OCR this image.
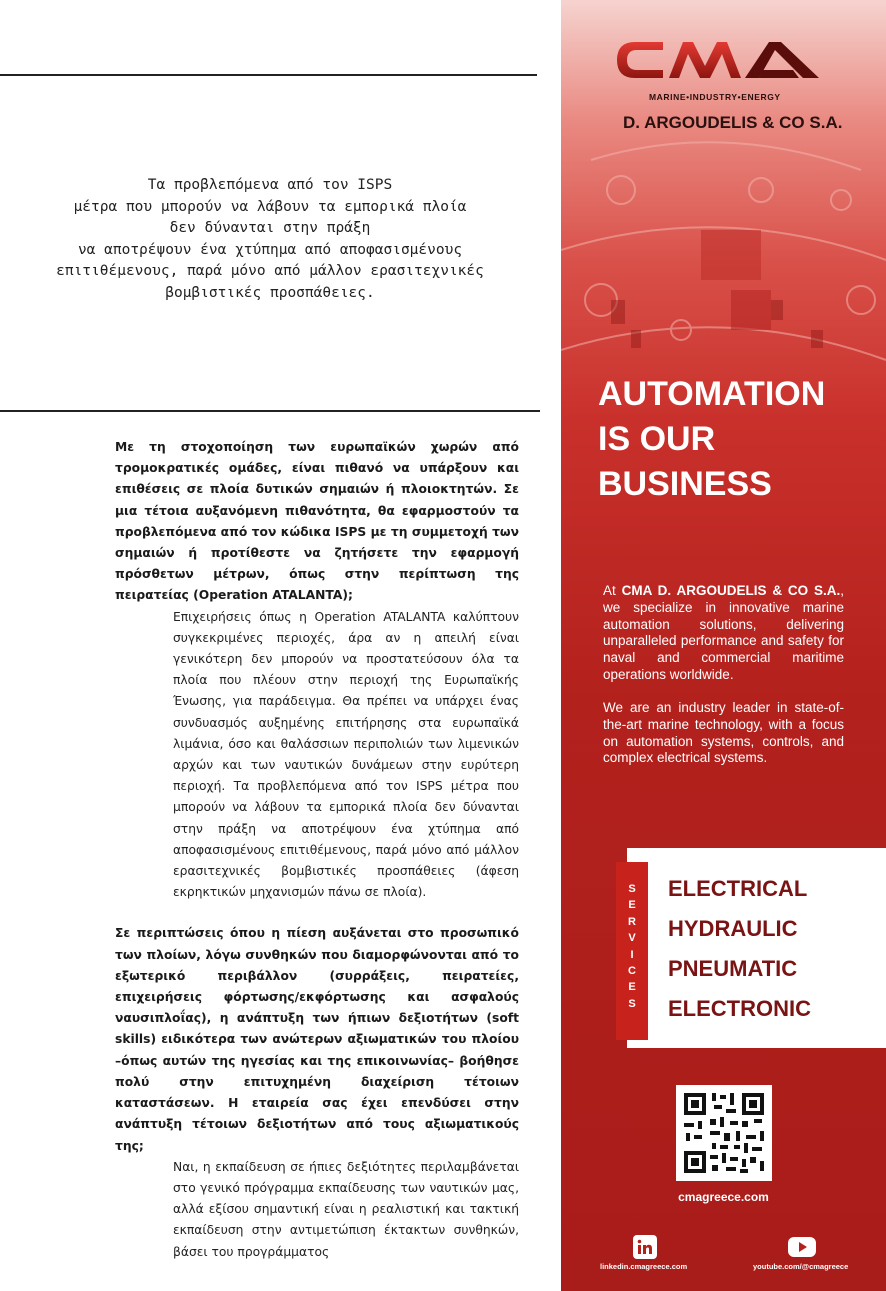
Τα προβλεπόμενα από τον ISPS
μέτρα που μπορούν να λάβουν τα εμπορικά πλοία
δεν δύνανται στην πράξη
να αποτρέψουν ένα χτύπημα από αποφασισμένους
επιτιθέμενους, παρά μόνο από μάλλον ερασιτεχνικές
βομβιστικές προσπάθειες.

Με τη στοχοποίηση των ευρωπαϊκών χωρών από τρομοκρατικές ομάδες, είναι πιθανό να υπάρξουν και επιθέσεις σε πλοία δυτικών σημαιών ή πλοιοκτητών. Σε μια τέτοια αυξανόμενη πιθανότητα, θα εφαρμοστούν τα προβλεπόμενα από τον κώδικα ISPS με τη συμμετοχή των σημαιών ή προτίθεστε να ζητήσετε την εφαρμογή πρόσθετων μέτρων, όπως στην περίπτωση της πειρατείας (Operation ATALANTA);

Επιχειρήσεις όπως η Operation ATALANTA καλύπτουν συγκεκριμένες περιοχές, άρα αν η απειλή είναι γενικότερη δεν μπορούν να προστατεύσουν όλα τα πλοία που πλέουν στην περιοχή της Ευρωπαϊκής Ένωσης, για παράδειγμα. Θα πρέπει να υπάρχει ένας συνδυασμός αυξημένης επιτήρησης στα ευρωπαϊκά λιμάνια, όσο και θαλάσσιων περιπολιών των λιμενικών αρχών και των ναυτικών δυνάμεων στην ευρύτερη περιοχή. Τα προβλεπόμενα από τον ISPS μέτρα που μπορούν να λάβουν τα εμπορικά πλοία δεν δύνανται στην πράξη να αποτρέψουν ένα χτύπημα από αποφασισμένους επιτιθέμενους, παρά μόνο από μάλλον ερασιτεχνικές βομβιστικές προσπάθειες (άφεση εκρηκτικών μηχανισμών πάνω σε πλοία).

Σε περιπτώσεις όπου η πίεση αυξάνεται στο προσωπικό των πλοίων, λόγω συνθηκών που διαμορφώνονται από το εξωτερικό περιβάλλον (συρράξεις, πειρατείες, επιχειρήσεις φόρτωσης/εκφόρτωσης και ασφαλούς ναυσιπλοΐας), η ανάπτυξη των ήπιων δεξιοτήτων (soft skills) ειδικότερα των ανώτερων αξιωματικών του πλοίου –όπως αυτών της ηγεσίας και της επικοινωνίας– βοήθησε πολύ στην επιτυχημένη διαχείριση τέτοιων καταστάσεων. Η εταιρεία σας έχει επενδύσει στην ανάπτυξη τέτοιων δεξιοτήτων από τους αξιωματικούς της;

Ναι, η εκπαίδευση σε ήπιες δεξιότητες περιλαμβάνεται στο γενικό πρόγραμμα εκπαίδευσης των ναυτικών μας, αλλά εξίσου σημαντική είναι η ρεαλιστική και τακτική εκπαίδευση στην αντιμετώπιση έκτακτων συνθηκών, βάσει του προγράμματος

MARINE•INDUSTRY•ENERGY
D. ARGOUDELIS & CO S.A.
AUTOMATION
IS OUR
BUSINESS

At CMA D. ARGOUDELIS & CO S.A., we specialize in innovative marine automation solutions, delivering unparalleled performance and safety for naval and commercial maritime operations worldwide.

We are an industry leader in state-of-the-art marine technology, with a focus on automation systems, controls, and complex electrical systems.

S
E
R
V
I
C
E
S
ELECTRICAL
HYDRAULIC
PNEUMATIC
ELECTRONIC
cmagreece.com
linkedin.cmagreece.com	youtube.com/@cmagreece
